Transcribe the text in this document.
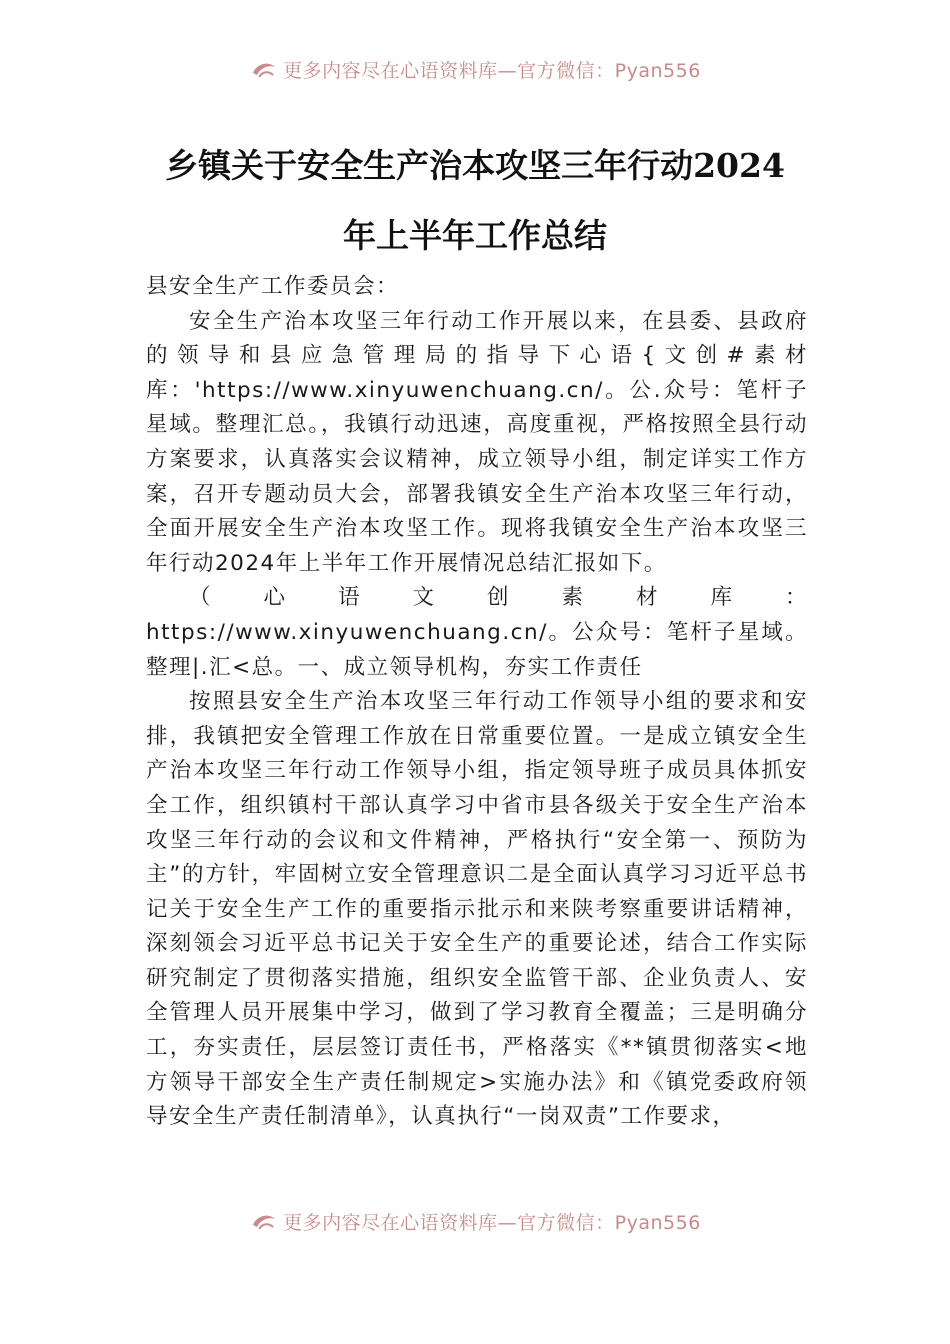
更多内容尽在心语资料库—官方微信：Pyan556
乡镇关于安全生产治本攻坚三年行动2024
年上半年工作总结

县安全生产工作委员会：

安全生产治本攻坚三年行动工作开展以来，在县委、县政府的领导和县应急管理局的指导下心语{文创#素材库：'https://www.xinyuwenchuang.cn/。公.众号：笔杆子星域。整理汇总。，我镇行动迅速，高度重视，严格按照全县行动方案要求，认真落实会议精神，成立领导小组，制定详实工作方案，召开专题动员大会，部署我镇安全生产治本攻坚三年行动，全面开展安全生产治本攻坚工作。现将我镇安全生产治本攻坚三年行动2024年上半年工作开展情况总结汇报如下。

（心语文创素材库：https://www.xinyuwenchuang.cn/。公众号：笔杆子星域。整理|.汇<总。一、成立领导机构，夯实工作责任

按照县安全生产治本攻坚三年行动工作领导小组的要求和安排，我镇把安全管理工作放在日常重要位置。一是成立镇安全生产治本攻坚三年行动工作领导小组，指定领导班子成员具体抓安全工作，组织镇村干部认真学习中省市县各级关于安全生产治本攻坚三年行动的会议和文件精神，严格执行“安全第一、预防为主”的方针，牢固树立安全管理意识二是全面认真学习习近平总书记关于安全生产工作的重要指示批示和来陕考察重要讲话精神，深刻领会习近平总书记关于安全生产的重要论述，结合工作实际研究制定了贯彻落实措施，组织安全监管干部、企业负责人、安全管理人员开展集中学习，做到了学习教育全覆盖；三是明确分工，夯实责任，层层签订责任书，严格落实《**镇贯彻落实<地方领导干部安全生产责任制规定>实施办法》和《镇党委政府领导安全生产责任制清单》，认真执行“一岗双责”工作要求，

更多内容尽在心语资料库—官方微信：Pyan556
